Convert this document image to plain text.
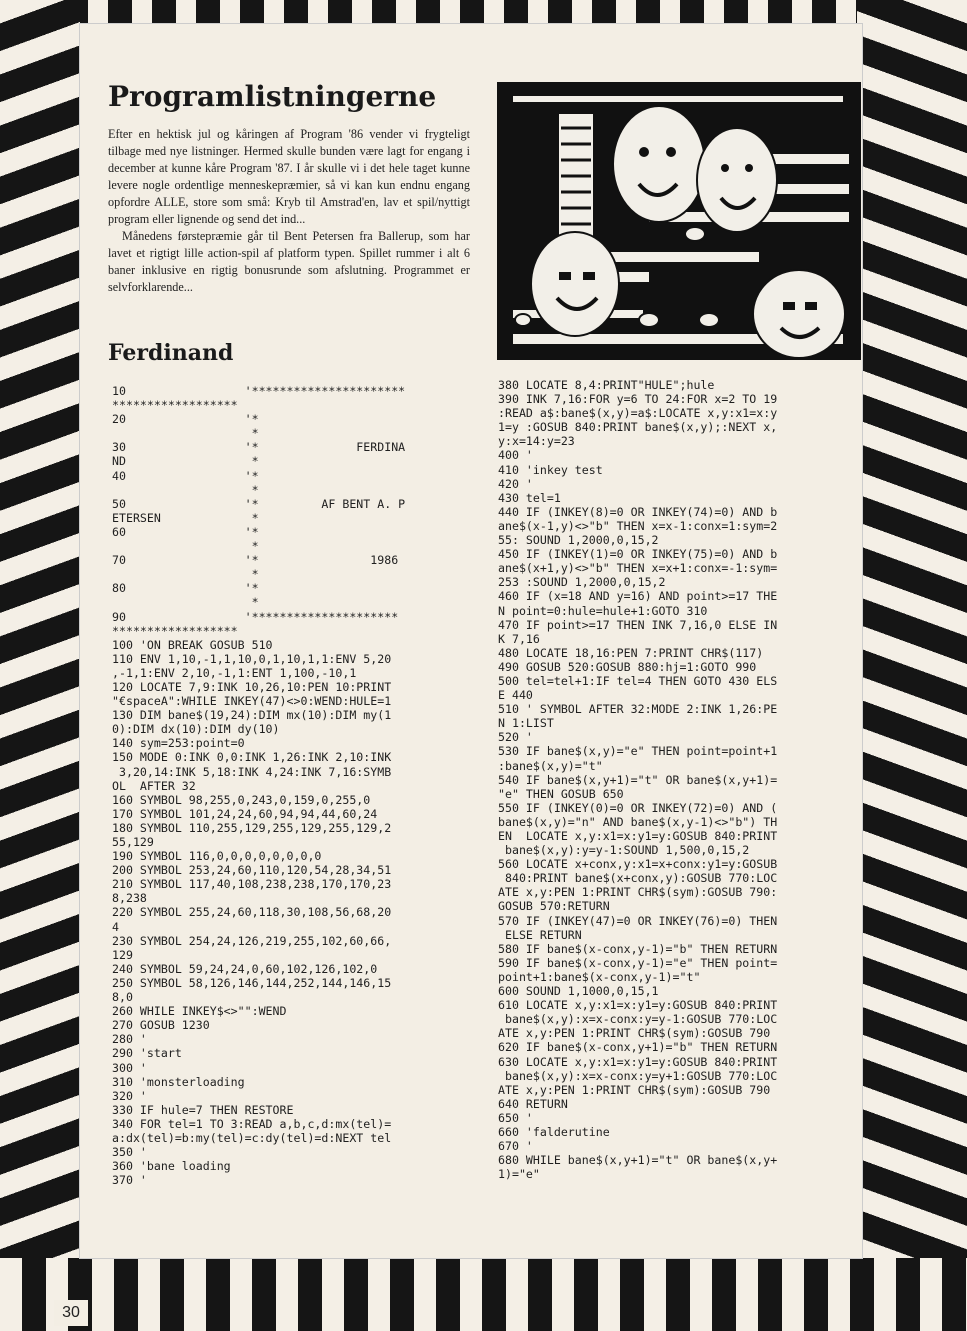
Programlistningerne

Efter en hektisk jul og kåringen af Program '86 vender vi frygteligt tilbage med nye listninger. Hermed skulle bunden være lagt for engang i december at kunne kåre Program '87. I år skulle vi i det hele taget kunne levere nogle ordentlige menneskepræmier, så vi kan kun endnu engang opfordre ALLE, store som små: Kryb til Amstrad'en, lav et spil/nyttigt program eller lignende og send det ind...

Månedens førstepræmie går til Bent Petersen fra Ballerup, som har lavet et rigtigt lille action-spil af platform typen. Spillet rummer i alt 6 baner inklusive en rigtig bonusrunde som afslutning. Programmet er selvforklarende...

Ferdinand
10                 '**********************
******************
20                 '*
*
30                 '*              FERDINA
ND                  *
40                 '*
*
50                 '*         AF BENT A. P
ETERSEN             *
60                 '*
*
70                 '*                1986
*
80                 '*
*
90                 '*********************
******************
100 'ON BREAK GOSUB 510
110 ENV 1,10,-1,1,10,0,1,10,1,1:ENV 5,20
,-1,1:ENV 2,10,-1,1:ENT 1,100,-10,1
120 LOCATE 7,9:INK 10,26,10:PEN 10:PRINT
"€spaceA":WHILE INKEY(47)<>0:WEND:HULE=1
130 DIM bane$(19,24):DIM mx(10):DIM my(1
0):DIM dx(10):DIM dy(10)
140 sym=253:point=0
150 MODE 0:INK 0,0:INK 1,26:INK 2,10:INK
3,20,14:INK 5,18:INK 4,24:INK 7,16:SYMB
OL  AFTER 32
160 SYMBOL 98,255,0,243,0,159,0,255,0
170 SYMBOL 101,24,24,60,94,94,44,60,24
180 SYMBOL 110,255,129,255,129,255,129,2
55,129
190 SYMBOL 116,0,0,0,0,0,0,0,0
200 SYMBOL 253,24,60,110,120,54,28,34,51
210 SYMBOL 117,40,108,238,238,170,170,23
8,238
220 SYMBOL 255,24,60,118,30,108,56,68,20
4
230 SYMBOL 254,24,126,219,255,102,60,66,
129
240 SYMBOL 59,24,24,0,60,102,126,102,0
250 SYMBOL 58,126,146,144,252,144,146,15
8,0
260 WHILE INKEY$<>"":WEND
270 GOSUB 1230
280 '
290 'start
300 '
310 'monsterloading
320 '
330 IF hule=7 THEN RESTORE
340 FOR tel=1 TO 3:READ a,b,c,d:mx(tel)=
a:dx(tel)=b:my(tel)=c:dy(tel)=d:NEXT tel
350 '
360 'bane loading
370 '
380 LOCATE 8,4:PRINT"HULE";hule
390 INK 7,16:FOR y=6 TO 24:FOR x=2 TO 19
:READ a$:bane$(x,y)=a$:LOCATE x,y:x1=x:y
1=y :GOSUB 840:PRINT bane$(x,y);:NEXT x,
y:x=14:y=23
400 '
410 'inkey test
420 '
430 tel=1
440 IF (INKEY(8)=0 OR INKEY(74)=0) AND b
ane$(x-1,y)<>"b" THEN x=x-1:conx=1:sym=2
55: SOUND 1,2000,0,15,2
450 IF (INKEY(1)=0 OR INKEY(75)=0) AND b
ane$(x+1,y)<>"b" THEN x=x+1:conx=-1:sym=
253 :SOUND 1,2000,0,15,2
460 IF (x=18 AND y=16) AND point>=17 THE
N point=0:hule=hule+1:GOTO 310
470 IF point>=17 THEN INK 7,16,0 ELSE IN
K 7,16
480 LOCATE 18,16:PEN 7:PRINT CHR$(117)
490 GOSUB 520:GOSUB 880:hj=1:GOTO 990
500 tel=tel+1:IF tel=4 THEN GOTO 430 ELS
E 440
510 ' SYMBOL AFTER 32:MODE 2:INK 1,26:PE
N 1:LIST
520 '
530 IF bane$(x,y)="e" THEN point=point+1
:bane$(x,y)="t"
540 IF bane$(x,y+1)="t" OR bane$(x,y+1)=
"e" THEN GOSUB 650
550 IF (INKEY(0)=0 OR INKEY(72)=0) AND (
bane$(x,y)="n" AND bane$(x,y-1)<>"b") TH
EN  LOCATE x,y:x1=x:y1=y:GOSUB 840:PRINT
bane$(x,y):y=y-1:SOUND 1,500,0,15,2
560 LOCATE x+conx,y:x1=x+conx:y1=y:GOSUB
840:PRINT bane$(x+conx,y):GOSUB 770:LOC
ATE x,y:PEN 1:PRINT CHR$(sym):GOSUB 790:
GOSUB 570:RETURN
570 IF (INKEY(47)=0 OR INKEY(76)=0) THEN
ELSE RETURN
580 IF bane$(x-conx,y-1)="b" THEN RETURN
590 IF bane$(x-conx,y-1)="e" THEN point=
point+1:bane$(x-conx,y-1)="t"
600 SOUND 1,1000,0,15,1
610 LOCATE x,y:x1=x:y1=y:GOSUB 840:PRINT
bane$(x,y):x=x-conx:y=y-1:GOSUB 770:LOC
ATE x,y:PEN 1:PRINT CHR$(sym):GOSUB 790
620 IF bane$(x-conx,y+1)="b" THEN RETURN
630 LOCATE x,y:x1=x:y1=y:GOSUB 840:PRINT
bane$(x,y):x=x-conx:y=y+1:GOSUB 770:LOC
ATE x,y:PEN 1:PRINT CHR$(sym):GOSUB 790
640 RETURN
650 '
660 'falderutine
670 '
680 WHILE bane$(x,y+1)="t" OR bane$(x,y+
1)="e"
30
